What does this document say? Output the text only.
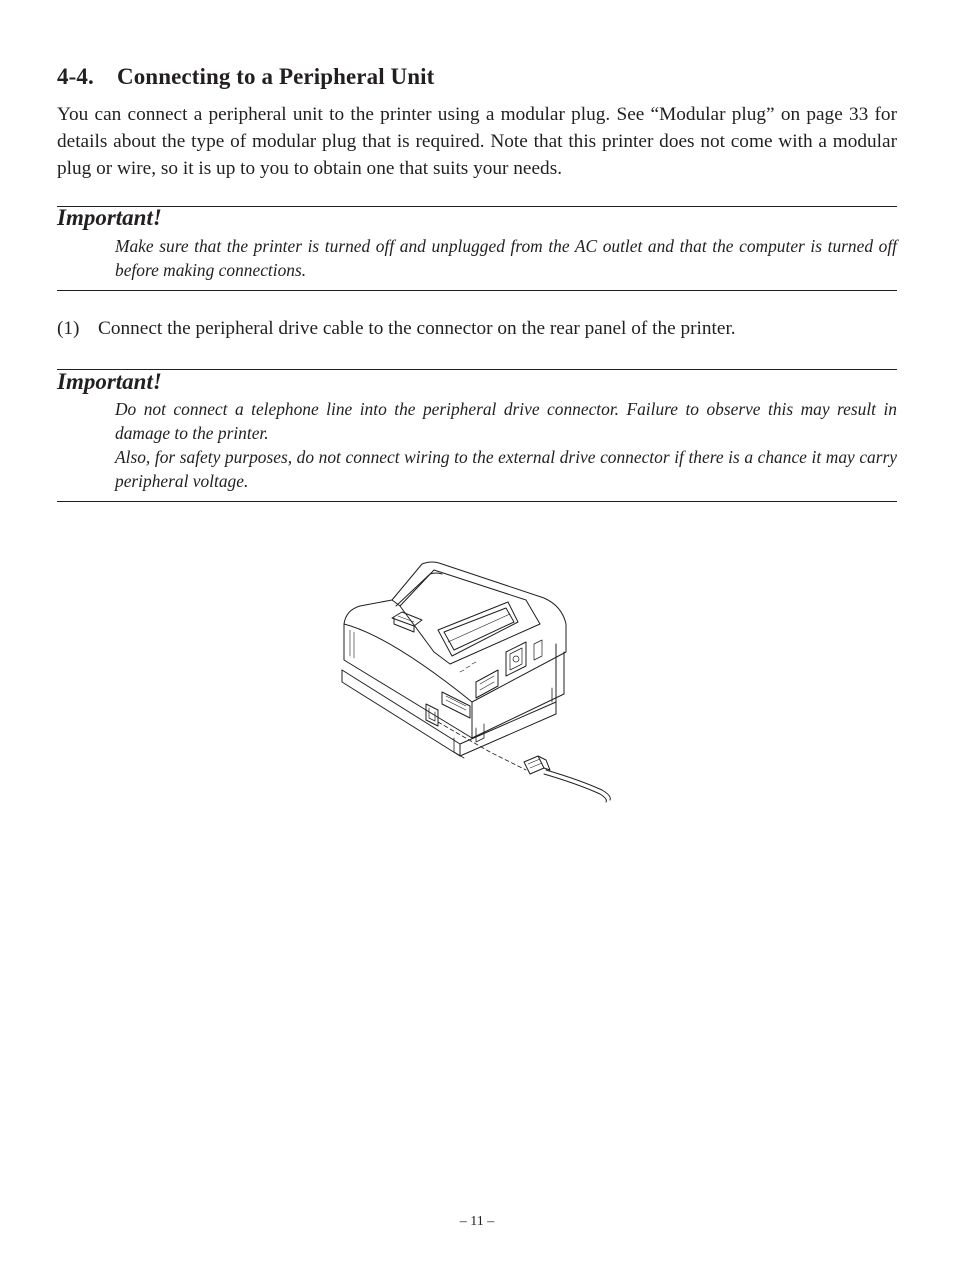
4-4. Connecting to a Peripheral Unit
You can connect a peripheral unit to the printer using a modular plug. See “Modular plug” on page 33 for details about the type of modular plug that is required. Note that this printer does not come with a modular plug or wire, so it is up to you to obtain one that suits your needs.
Important!
Make sure that the printer is turned off and unplugged from the AC outlet and that the computer is turned off before making connections.
(1) Connect the peripheral drive cable to the connector on the rear panel of the printer.
Important!

Do not connect a telephone line into the peripheral drive connector. Failure to observe this may result in damage to the printer.

Also, for safety purposes, do not connect wiring to the external drive connector if there is a chance it may carry peripheral voltage.

– 11 –
